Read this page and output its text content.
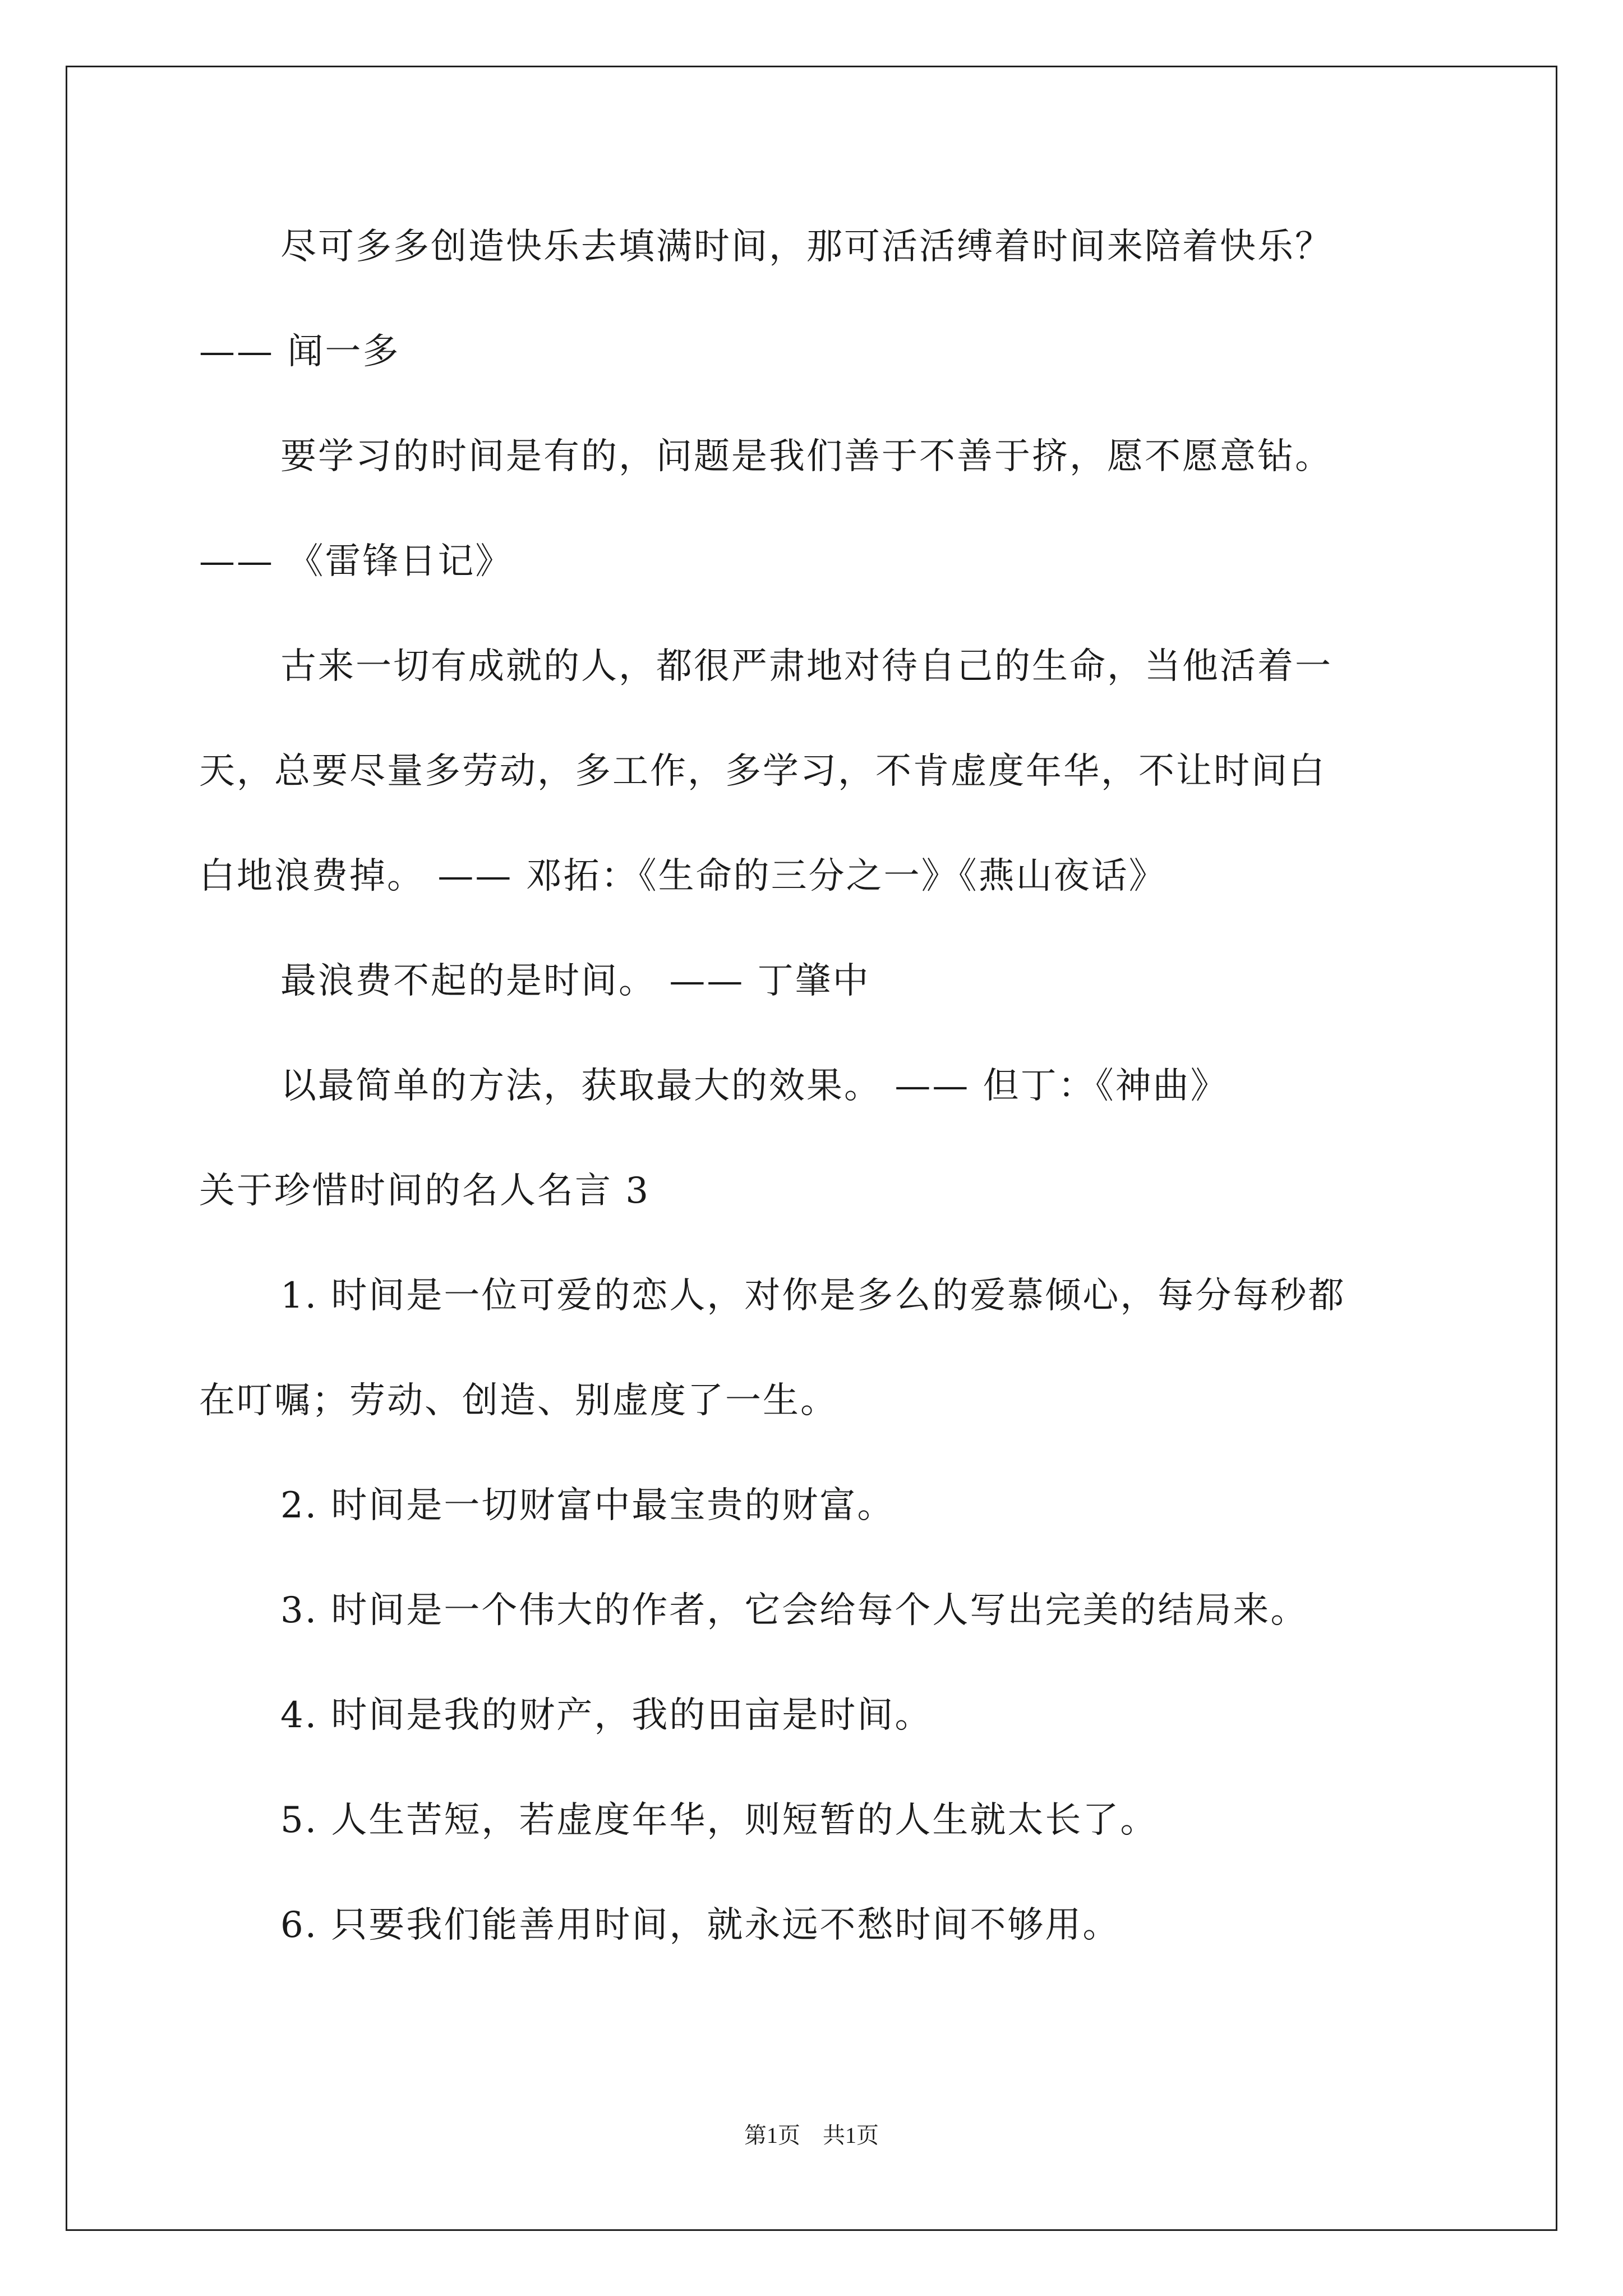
尽可多多创造快乐去填满时间，那可活活缚着时间来陪着快乐？
—— 闻一多
要学习的时间是有的，问题是我们善于不善于挤，愿不愿意钻。
—— 《雷锋日记》
古来一切有成就的人，都很严肃地对待自己的生命，当他活着一
天，总要尽量多劳动，多工作，多学习，不肯虚度年华，不让时间白
白地浪费掉。 —— 邓拓：《生命的三分之一》《燕山夜话》
最浪费不起的是时间。 —— 丁肇中
以最简单的方法，获取最大的效果。 —— 但丁：《神曲》
关于珍惜时间的名人名言 3
1. 时间是一位可爱的恋人，对你是多么的爱慕倾心，每分每秒都
在叮嘱；劳动、创造、别虚度了一生。
2. 时间是一切财富中最宝贵的财富。
3. 时间是一个伟大的作者，它会给每个人写出完美的结局来。
4. 时间是我的财产，我的田亩是时间。
5. 人生苦短，若虚度年华，则短暂的人生就太长了。
6. 只要我们能善用时间，就永远不愁时间不够用。
第1页　共1页
